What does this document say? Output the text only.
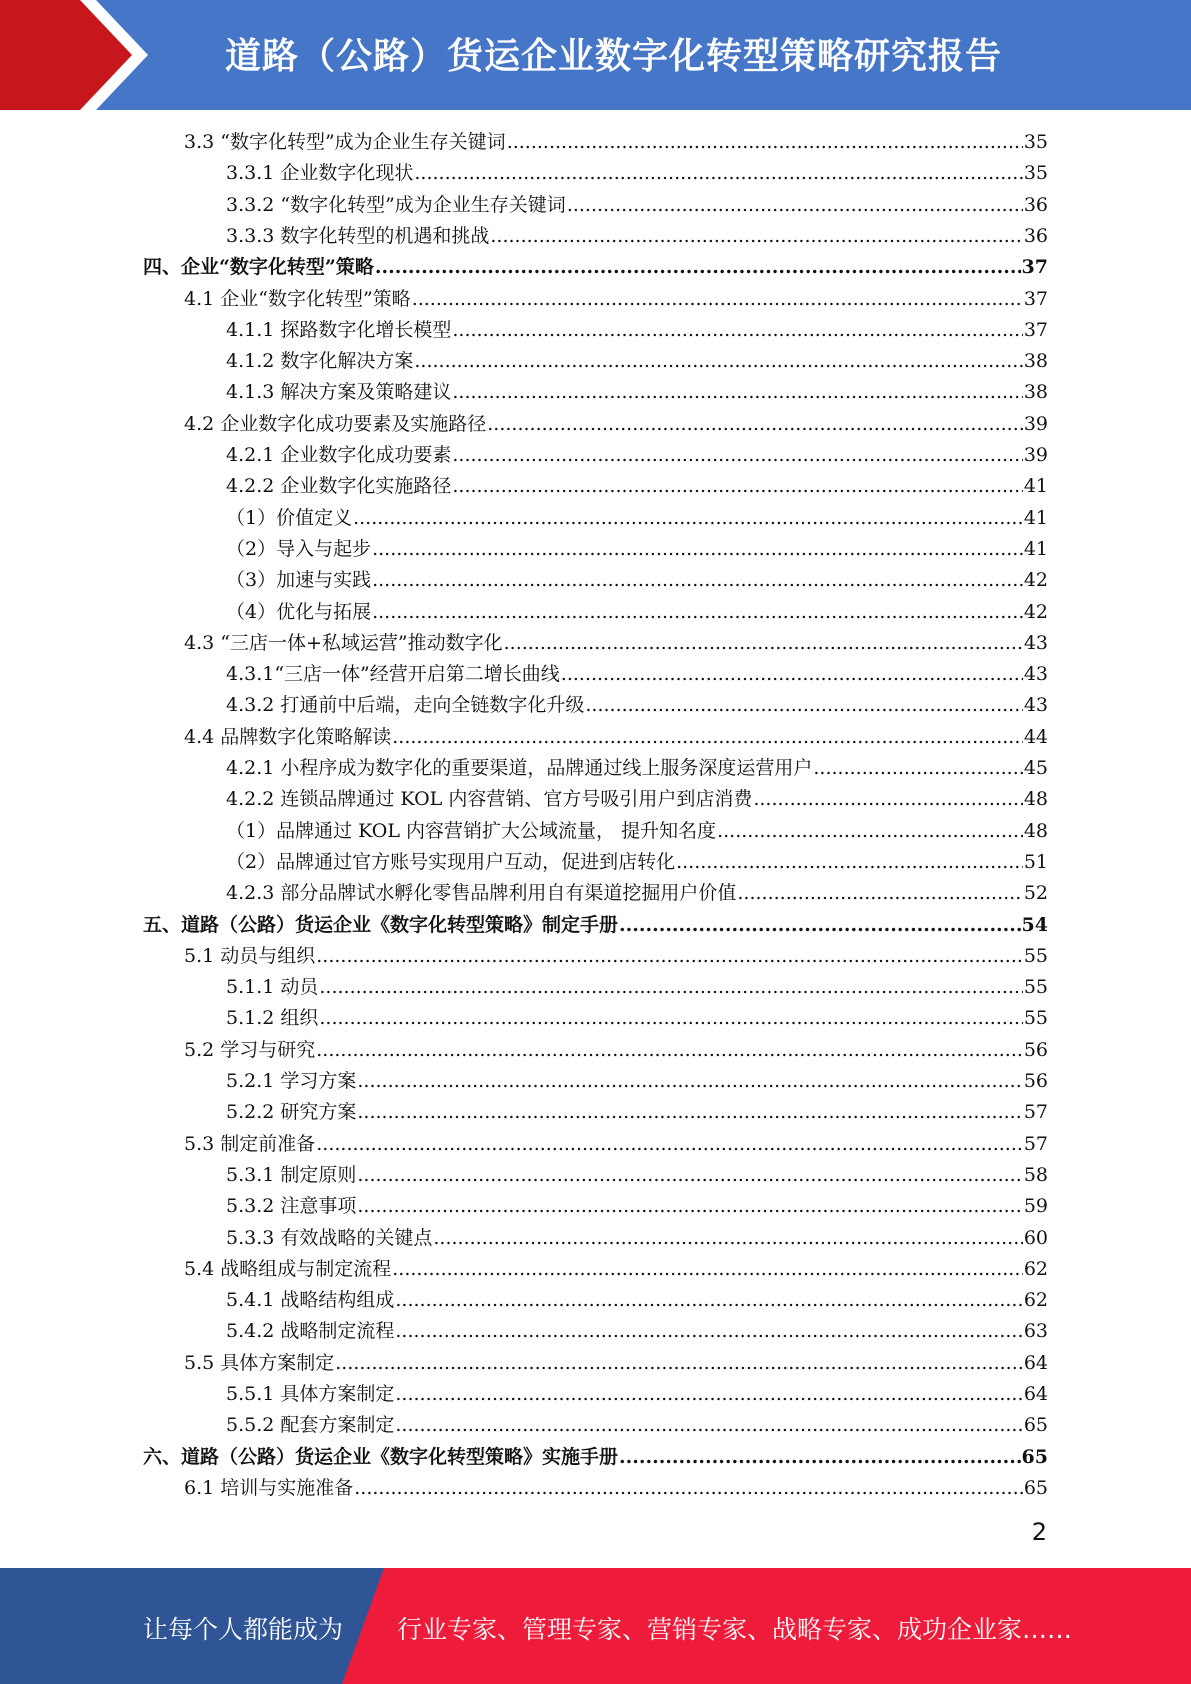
道路（公路）货运企业数字化转型策略研究报告
3.3 “数字化转型”成为企业生存关键词 .....	35
3.3.1 企业数字化现状 .....	35
3.3.2 “数字化转型”成为企业生存关键词 .....	36
3.3.3 数字化转型的机遇和挑战 .....	36
四、企业“数字化转型”策略 .....	37
4.1 企业“数字化转型”策略 .....	37
4.1.1 探路数字化增长模型 .....	37
4.1.2 数字化解决方案 .....	38
4.1.3 解决方案及策略建议 .....	38
4.2 企业数字化成功要素及实施路径 .....	39
4.2.1 企业数字化成功要素 .....	39
4.2.2 企业数字化实施路径 .....	41
（1）价值定义 .....	41
（2）导入与起步 .....	41
（3）加速与实践 .....	42
（4）优化与拓展 .....	42
4.3 “三店一体+私域运营”推动数字化 .....	43
4.3.1“三店一体”经营开启第二增长曲线 .....	43
4.3.2 打通前中后端，走向全链数字化升级 .....	43
4.4 品牌数字化策略解读 .....	44
4.2.1 小程序成为数字化的重要渠道，品牌通过线上服务深度运营用户 .....	45
4.2.2 连锁品牌通过 KOL 内容营销、官方号吸引用户到店消费 .....	48
（1）品牌通过 KOL 内容营销扩大公域流量， 提升知名度 .....	48
（2）品牌通过官方账号实现用户互动，促进到店转化 .....	51
4.2.3 部分品牌试水孵化零售品牌利用自有渠道挖掘用户价值 .....	52
五、道路（公路）货运企业《数字化转型策略》制定手册 .....	54
5.1 动员与组织 .....	55
5.1.1 动员 .....	55
5.1.2 组织 .....	55
5.2 学习与研究 .....	56
5.2.1 学习方案 .....	56
5.2.2 研究方案 .....	57
5.3 制定前准备 .....	57
5.3.1 制定原则 .....	58
5.3.2 注意事项 .....	59
5.3.3 有效战略的关键点 .....	60
5.4 战略组成与制定流程 .....	62
5.4.1 战略结构组成 .....	62
5.4.2 战略制定流程 .....	63
5.5 具体方案制定 .....	64
5.5.1 具体方案制定 .....	64
5.5.2 配套方案制定 .....	65
六、道路（公路）货运企业《数字化转型策略》实施手册 .....	65
6.1 培训与实施准备 .....	65
2
让每个人都能成为 行业专家、管理专家、营销专家、战略专家、成功企业家……
